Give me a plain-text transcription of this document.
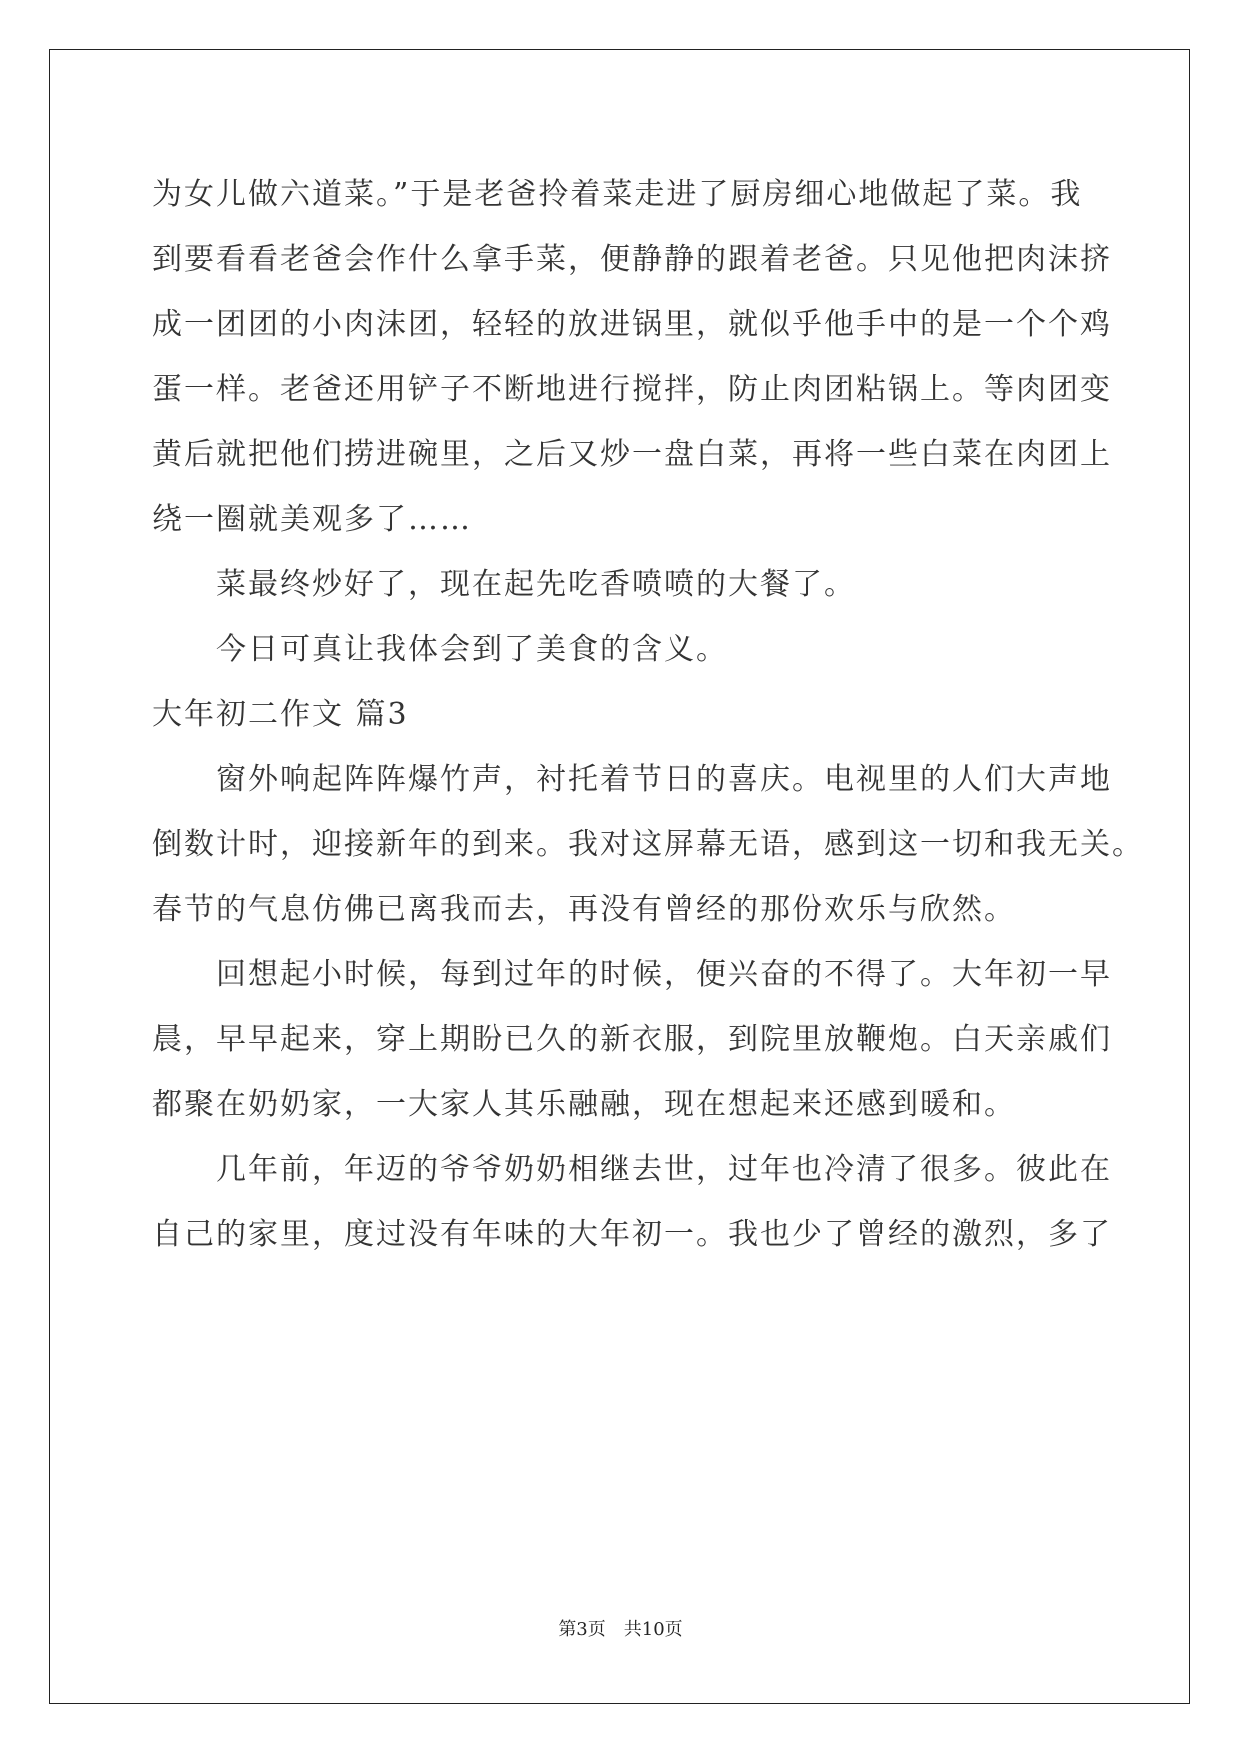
为女儿做六道菜。”于是老爸拎着菜走进了厨房细心地做起了菜。我
到要看看老爸会作什么拿手菜，便静静的跟着老爸。只见他把肉沫挤
成一团团的小肉沫团，轻轻的放进锅里，就似乎他手中的是一个个鸡
蛋一样。老爸还用铲子不断地进行搅拌，防止肉团粘锅上。等肉团变
黄后就把他们捞进碗里，之后又炒一盘白菜，再将一些白菜在肉团上
绕一圈就美观多了……
菜最终炒好了，现在起先吃香喷喷的大餐了。
今日可真让我体会到了美食的含义。
大年初二作文 篇3
窗外响起阵阵爆竹声，衬托着节日的喜庆。电视里的人们大声地
倒数计时，迎接新年的到来。我对这屏幕无语，感到这一切和我无关。
春节的气息仿佛已离我而去，再没有曾经的那份欢乐与欣然。
回想起小时候，每到过年的时候，便兴奋的不得了。大年初一早
晨，早早起来，穿上期盼已久的新衣服，到院里放鞭炮。白天亲戚们
都聚在奶奶家，一大家人其乐融融，现在想起来还感到暖和。
几年前，年迈的爷爷奶奶相继去世，过年也冷清了很多。彼此在
自己的家里，度过没有年味的大年初一。我也少了曾经的激烈，多了
第3页　共10页
